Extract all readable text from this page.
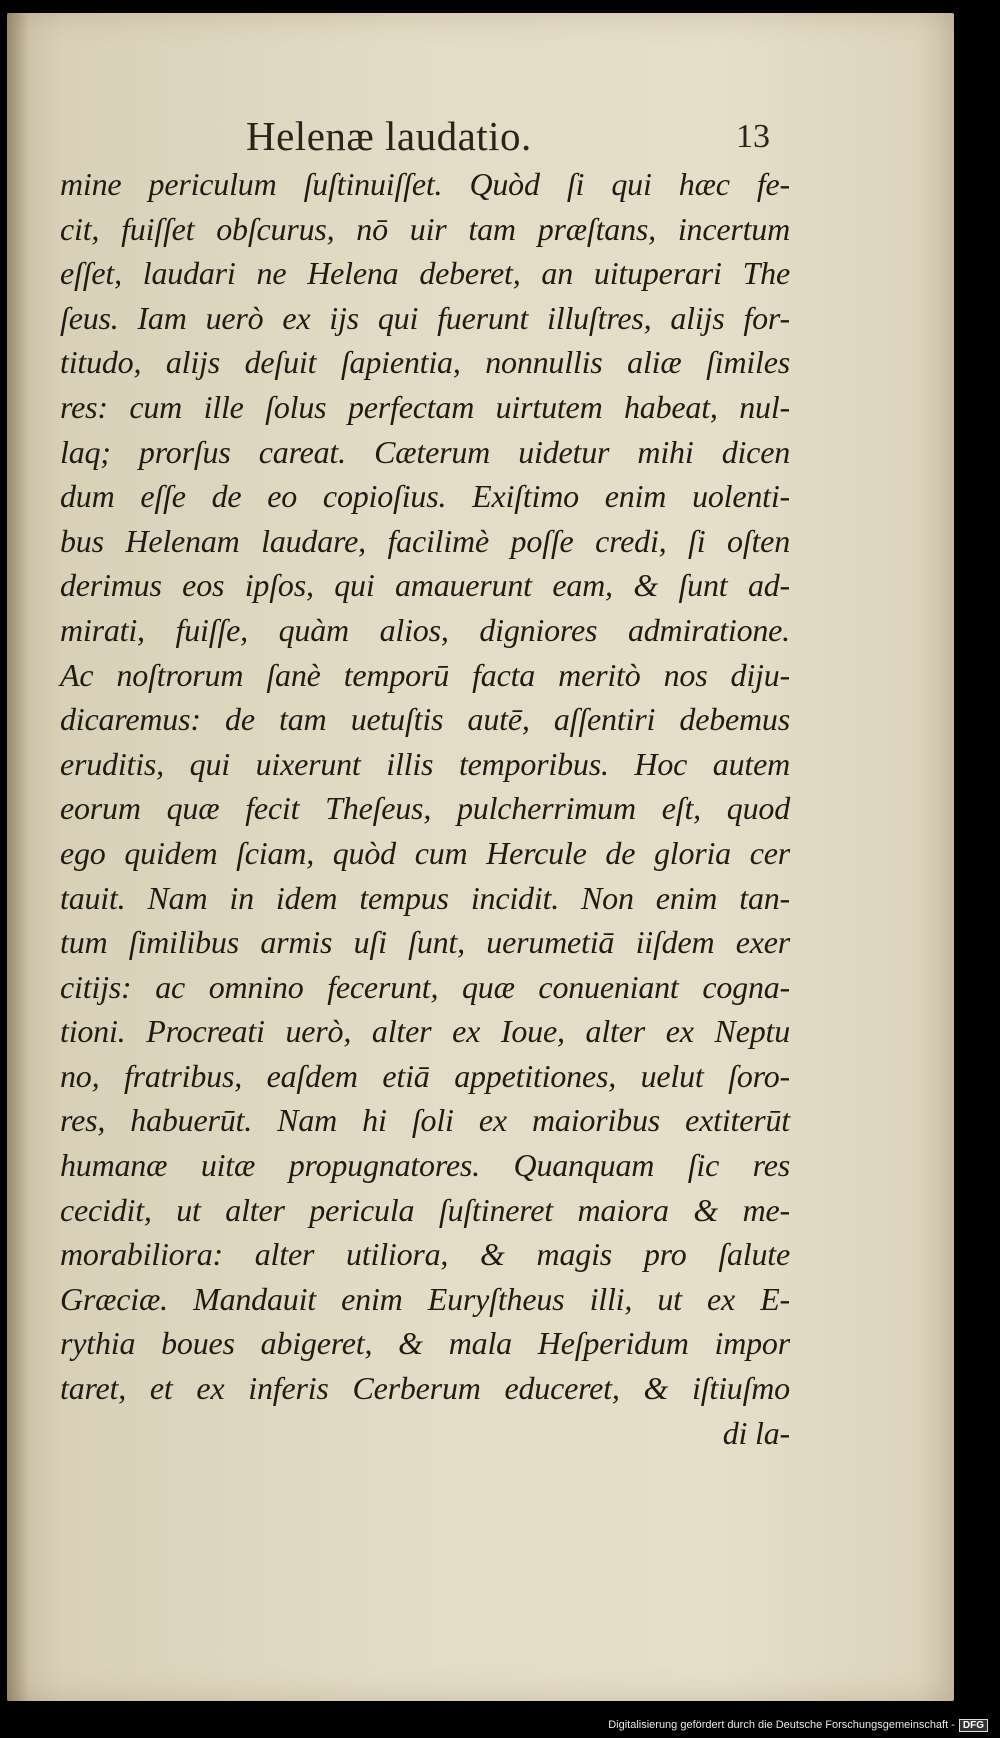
Helenæ laudatio.	13
mine periculum ſuſtinuiſſet. Quòd ſi qui hæc fe-
cit, fuiſſet obſcurus, nō uir tam præſtans, incertum
eſſet, laudari ne Helena deberet, an uituperari The
ſeus. Iam uerò ex ijs qui fuerunt illuſtres, alijs for-
titudo, alijs deſuit ſapientia, nonnullis aliæ ſimiles
res: cum ille ſolus perfectam uirtutem habeat, nul-
laq; prorſus careat. Cæterum uidetur mihi dicen
dum eſſe de eo copioſius. Exiſtimo enim uolenti-
bus Helenam laudare, facilimè poſſe credi, ſi oſten
derimus eos ipſos, qui amauerunt eam, & ſunt ad-
mirati, fuiſſe, quàm alios, digniores admiratione.
Ac noſtrorum ſanè temporū facta meritò nos diju-
dicaremus: de tam uetuſtis autē, aſſentiri debemus
eruditis, qui uixerunt illis temporibus. Hoc autem
eorum quæ fecit Theſeus, pulcherrimum eſt, quod
ego quidem ſciam, quòd cum Hercule de gloria cer
tauit. Nam in idem tempus incidit. Non enim tan-
tum ſimilibus armis uſi ſunt, uerumetiā iiſdem exer
citijs: ac omnino fecerunt, quæ conueniant cogna-
tioni. Procreati uerò, alter ex Ioue, alter ex Neptu
no, fratribus, eaſdem etiā appetitiones, uelut ſoro-
res, habuerūt. Nam hi ſoli ex maioribus extiterūt
humanæ uitæ propugnatores. Quanquam ſic res
cecidit, ut alter pericula ſuſtineret maiora & me-
morabiliora: alter utiliora, & magis pro ſalute
Græciæ. Mandauit enim Euryſtheus illi, ut ex E-
rythia boues abigeret, & mala Heſperidum impor
taret, et ex inferis Cerberum educeret, & iſtiuſmo
di la-
Digitalisierung gefördert durch die Deutsche Forschungsgemeinschaft - DFG
